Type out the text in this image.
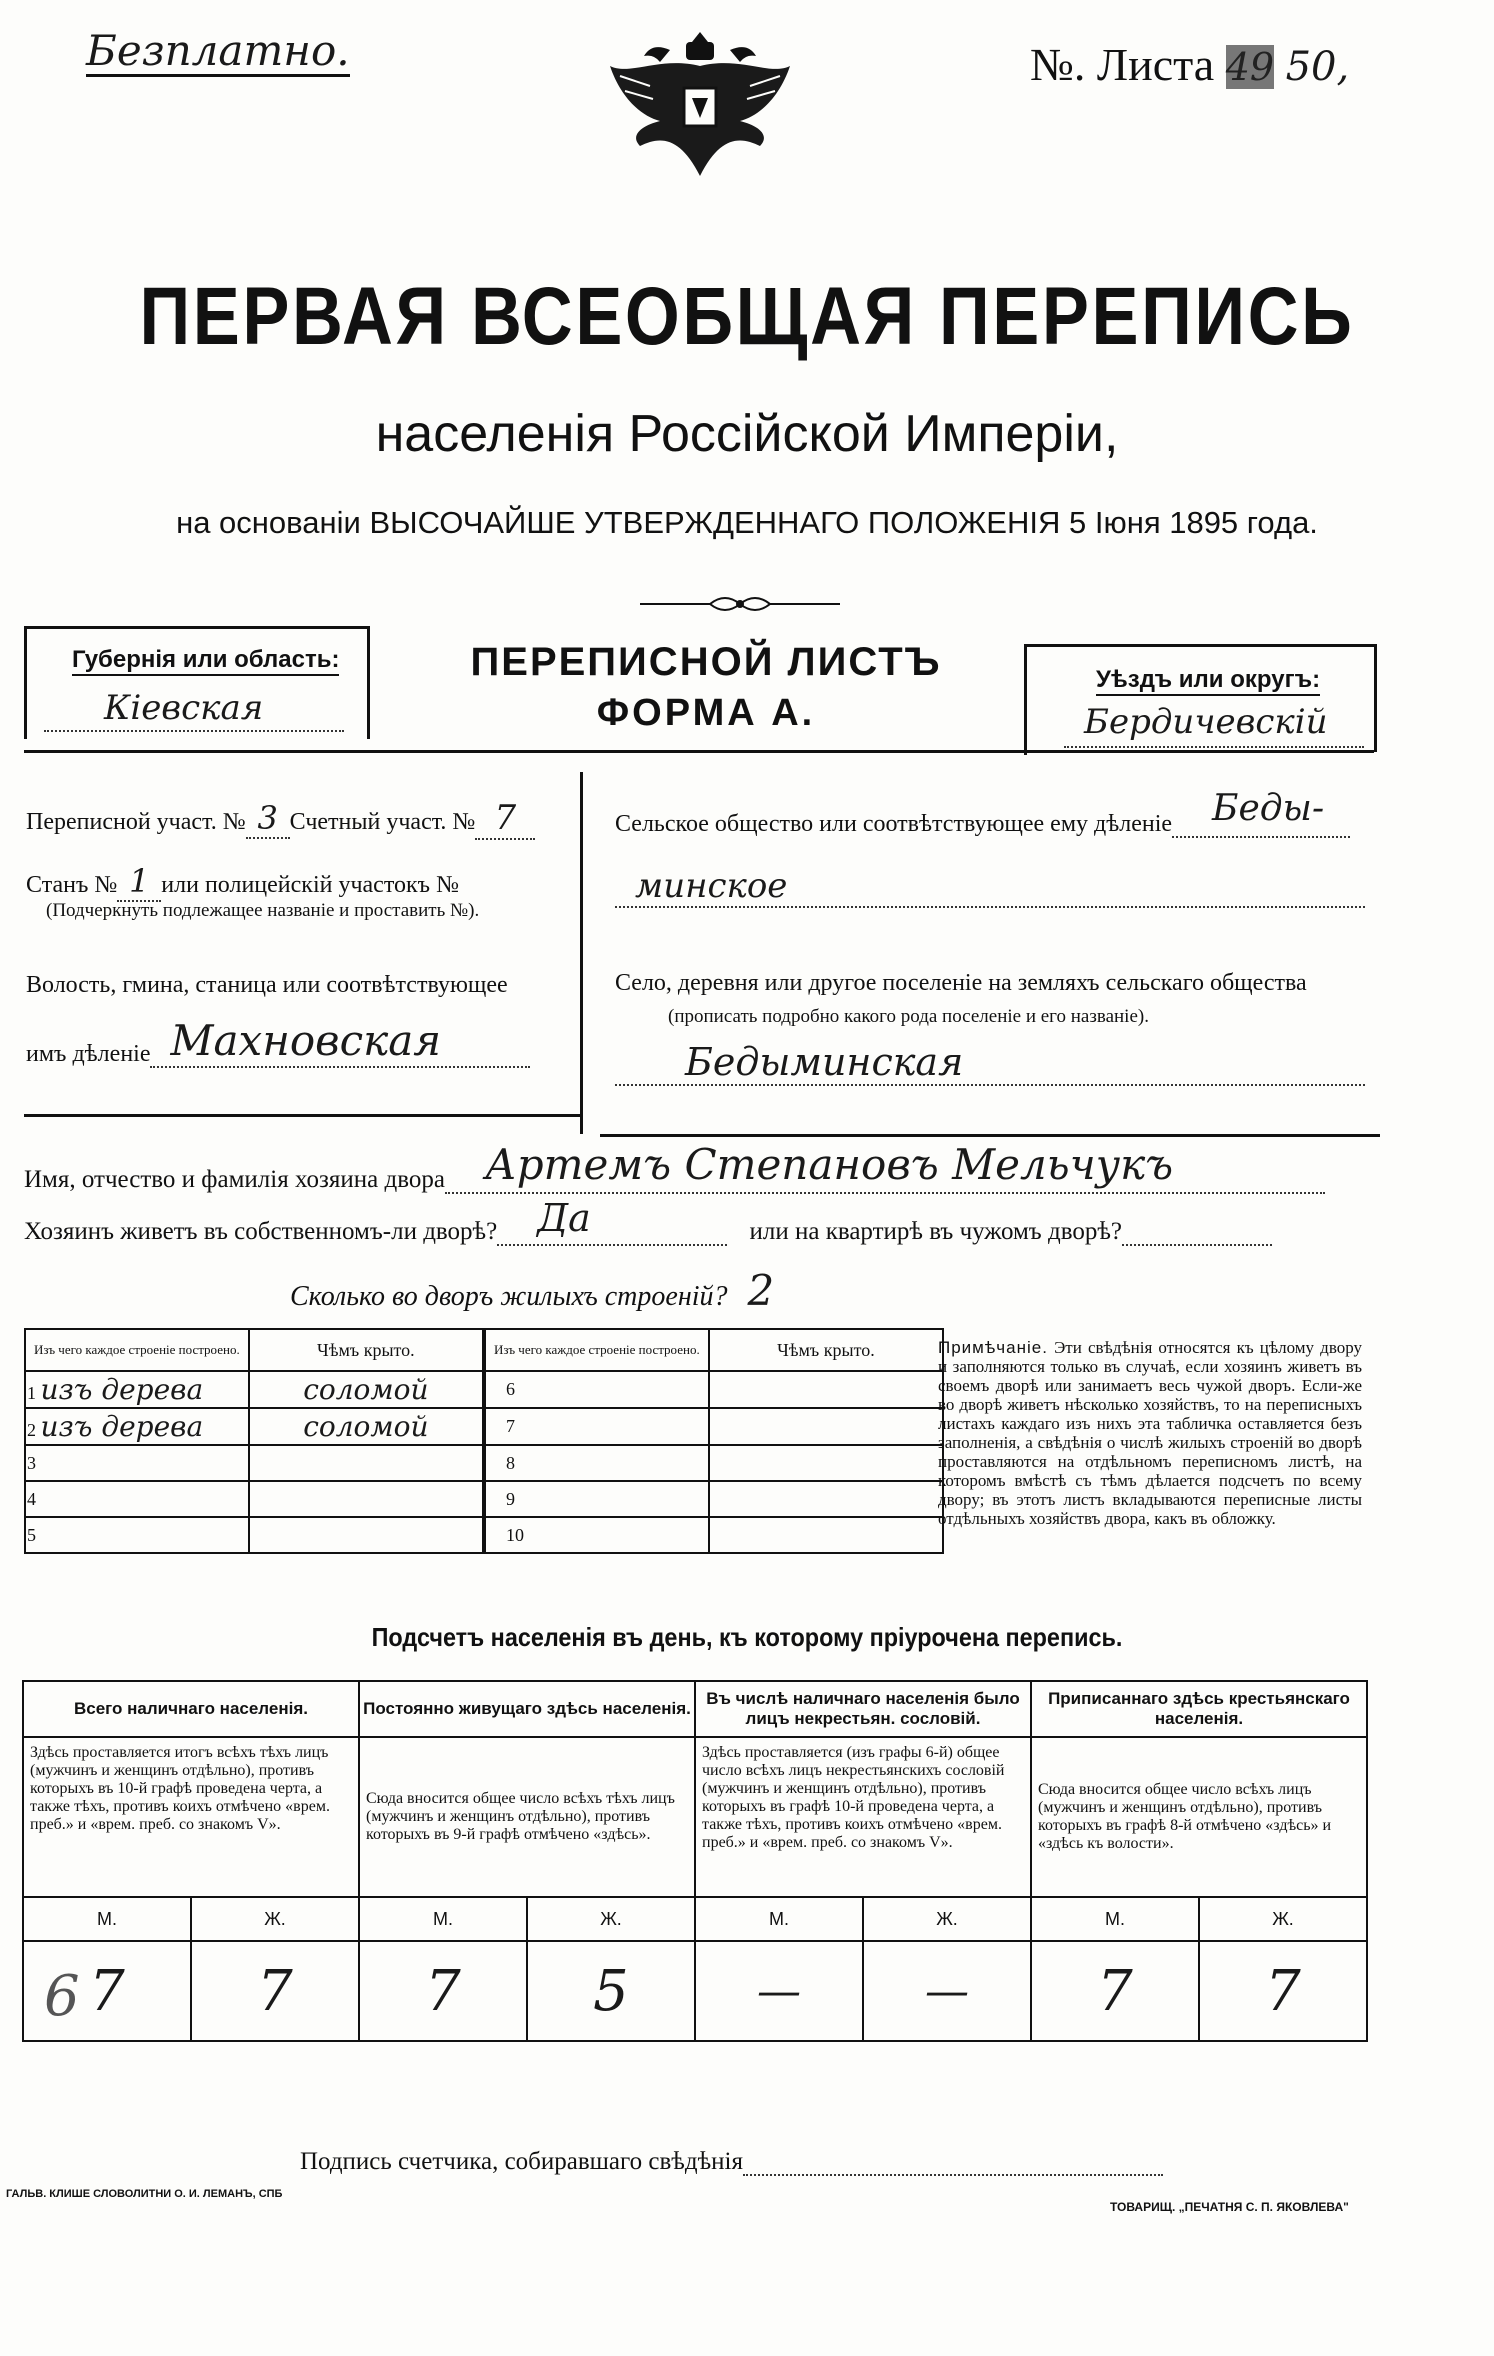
Безплатно.	№. Листа 49 50,
ПЕРВАЯ ВСЕОБЩАЯ ПЕРЕПИСЬ
населенія Россійской Имперіи,
на основаніи ВЫСОЧАЙШЕ УТВЕРЖДЕННАГО ПОЛОЖЕНІЯ 5 Іюня 1895 года.
Губернія или область:
Кіевская
ПЕРЕПИСНОЙ ЛИСТЪ
ФОРМА А.
Уѣздъ или округъ:
Бердичевскій
Переписной участ. № 3 Счетный участ. № 7
Станъ № 1 или полицейскій участокъ №
(Подчеркнуть подлежащее названіе и проставить №).
Волость, гмина, станица или соотвѣтствующее
имъ дѣленіе Махновская
Сельское общество или соотвѣтствующее ему дѣленіе Беды-
минское
Село, деревня или другое поселеніе на земляхъ сельскаго общества
(прописать подробно какого рода поселеніе и его названіе).
Бедыминская
Имя, отчество и фамилія хозяина двора Артемъ Степановъ Мельчукъ
Хозяинъ живетъ въ собственномъ-ли дворѣ? Да	или на квартирѣ въ чужомъ дворѣ?
Сколько во дворъ жилыхъ строеній? 2
Изъ чего каждое строеніе построено.	Чѣмъ крыто.	Изъ чего каждое строеніе построено.	Чѣмъ крыто.
1 изъ дерева	соломой	6	
2 изъ дерева	соломой	7	
3		8	
4		9	
5		10	
Примѣчаніе. Эти свѣдѣнія относятся къ цѣлому двору и заполняются только въ случаѣ, если хозяинъ живетъ въ своемъ дворѣ или занимаетъ весь чужой дворъ. Если-же во дворѣ живетъ нѣсколько хозяйствъ, то на переписныхъ листахъ каждаго изъ нихъ эта табличка оставляется безъ заполненія, а свѣдѣнія о числѣ жилыхъ строеній во дворѣ проставляются на отдѣльномъ переписномъ листѣ, на которомъ вмѣстѣ съ тѣмъ дѣлается подсчетъ по всему двору; въ этотъ листъ вкладываются переписные листы отдѣльныхъ хозяйствъ двора, какъ въ обложку.
Подсчетъ населенія въ день, къ которому пріурочена перепись.
Всего наличнаго населенія.		Постоянно живущаго здѣсь населенія.		Въ числѣ наличнаго населенія было лицъ некрестьян. сословій.		Приписаннаго здѣсь крестьянскаго населенія.	
Здѣсь проставляется итогъ всѣхъ тѣхъ лицъ (мужчинъ и женщинъ отдѣльно), противъ которыхъ въ 10-й графѣ проведена черта, а также тѣхъ, противъ коихъ отмѣчено «врем. преб.» и «врем. преб. со знакомъ V».		Сюда вносится общее число всѣхъ тѣхъ лицъ (мужчинъ и женщинъ отдѣльно), противъ которыхъ въ 9-й графѣ отмѣчено «здѣсь».		Здѣсь проставляется (изъ графы 6-й) общее число всѣхъ лицъ некрестьянскихъ сословій (мужчинъ и женщинъ отдѣльно), противъ которыхъ въ графѣ 10-й проведена черта, а также тѣхъ, противъ коихъ отмѣчено «врем. преб.» и «врем. преб. со знакомъ V».		Сюда вносится общее число всѣхъ лицъ (мужчинъ и женщинъ отдѣльно), противъ которыхъ въ графѣ 8-й отмѣчено «здѣсь» и «здѣсь къ волости».	
М.	Ж.	М.	Ж.	М.	Ж.	М.	Ж.

6 7	7	7	5	—	—	7	7
Подпись счетчика, собиравшаго свѣдѣнія
ГАЛЬВ. КЛИШЕ СЛОВОЛИТНИ О. И. ЛЕМАНЪ, СПБ
ТОВАРИЩ. „ПЕЧАТНЯ С. П. ЯКОВЛЕВА"
